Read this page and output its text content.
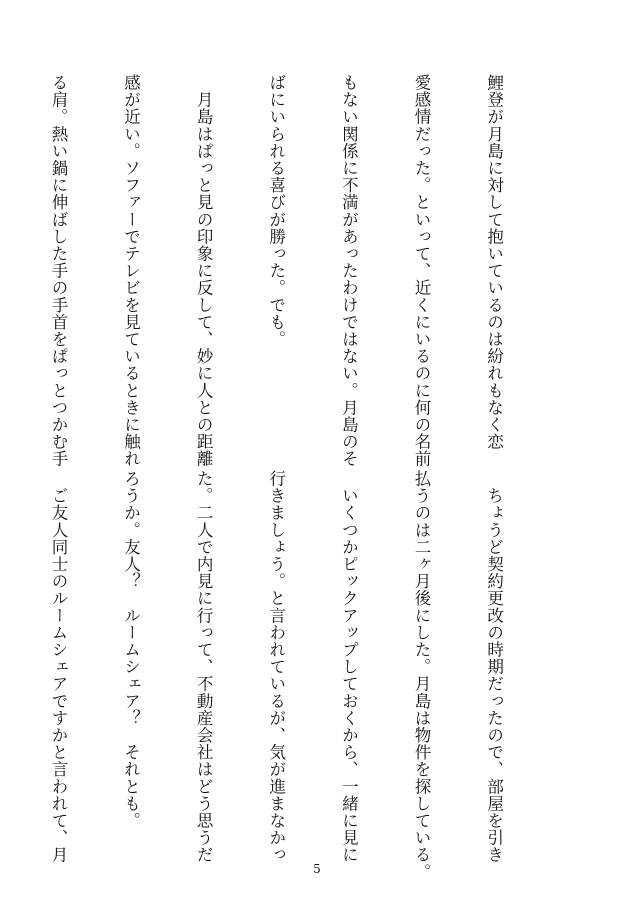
鯉登が月島に対して抱いているのは紛れもなく恋

愛感情だった。といって、近くにいるのに何の名前

もない関係に不満があったわけではない。月島のそ

ばにいられる喜びが勝った。でも。

　月島はぱっと見の印象に反して、妙に人との距離

感が近い。ソファーでテレビを見ているときに触れ

る肩。熱い鍋に伸ばした手の手首をぱっとつかむ手

　ちょうど契約更改の時期だったので、部屋を引き

払うのは二ヶ月後にした。月島は物件を探している。

　いくつかピックアップしておくから、一緒に見に

行きましょう。と言われているが、気が進まなかっ

た。二人で内見に行って、不動産会社はどう思うだ

ろうか。友人？　ルームシェア？　それとも。

　ご友人同士のルームシェアですかと言われて、月

5
